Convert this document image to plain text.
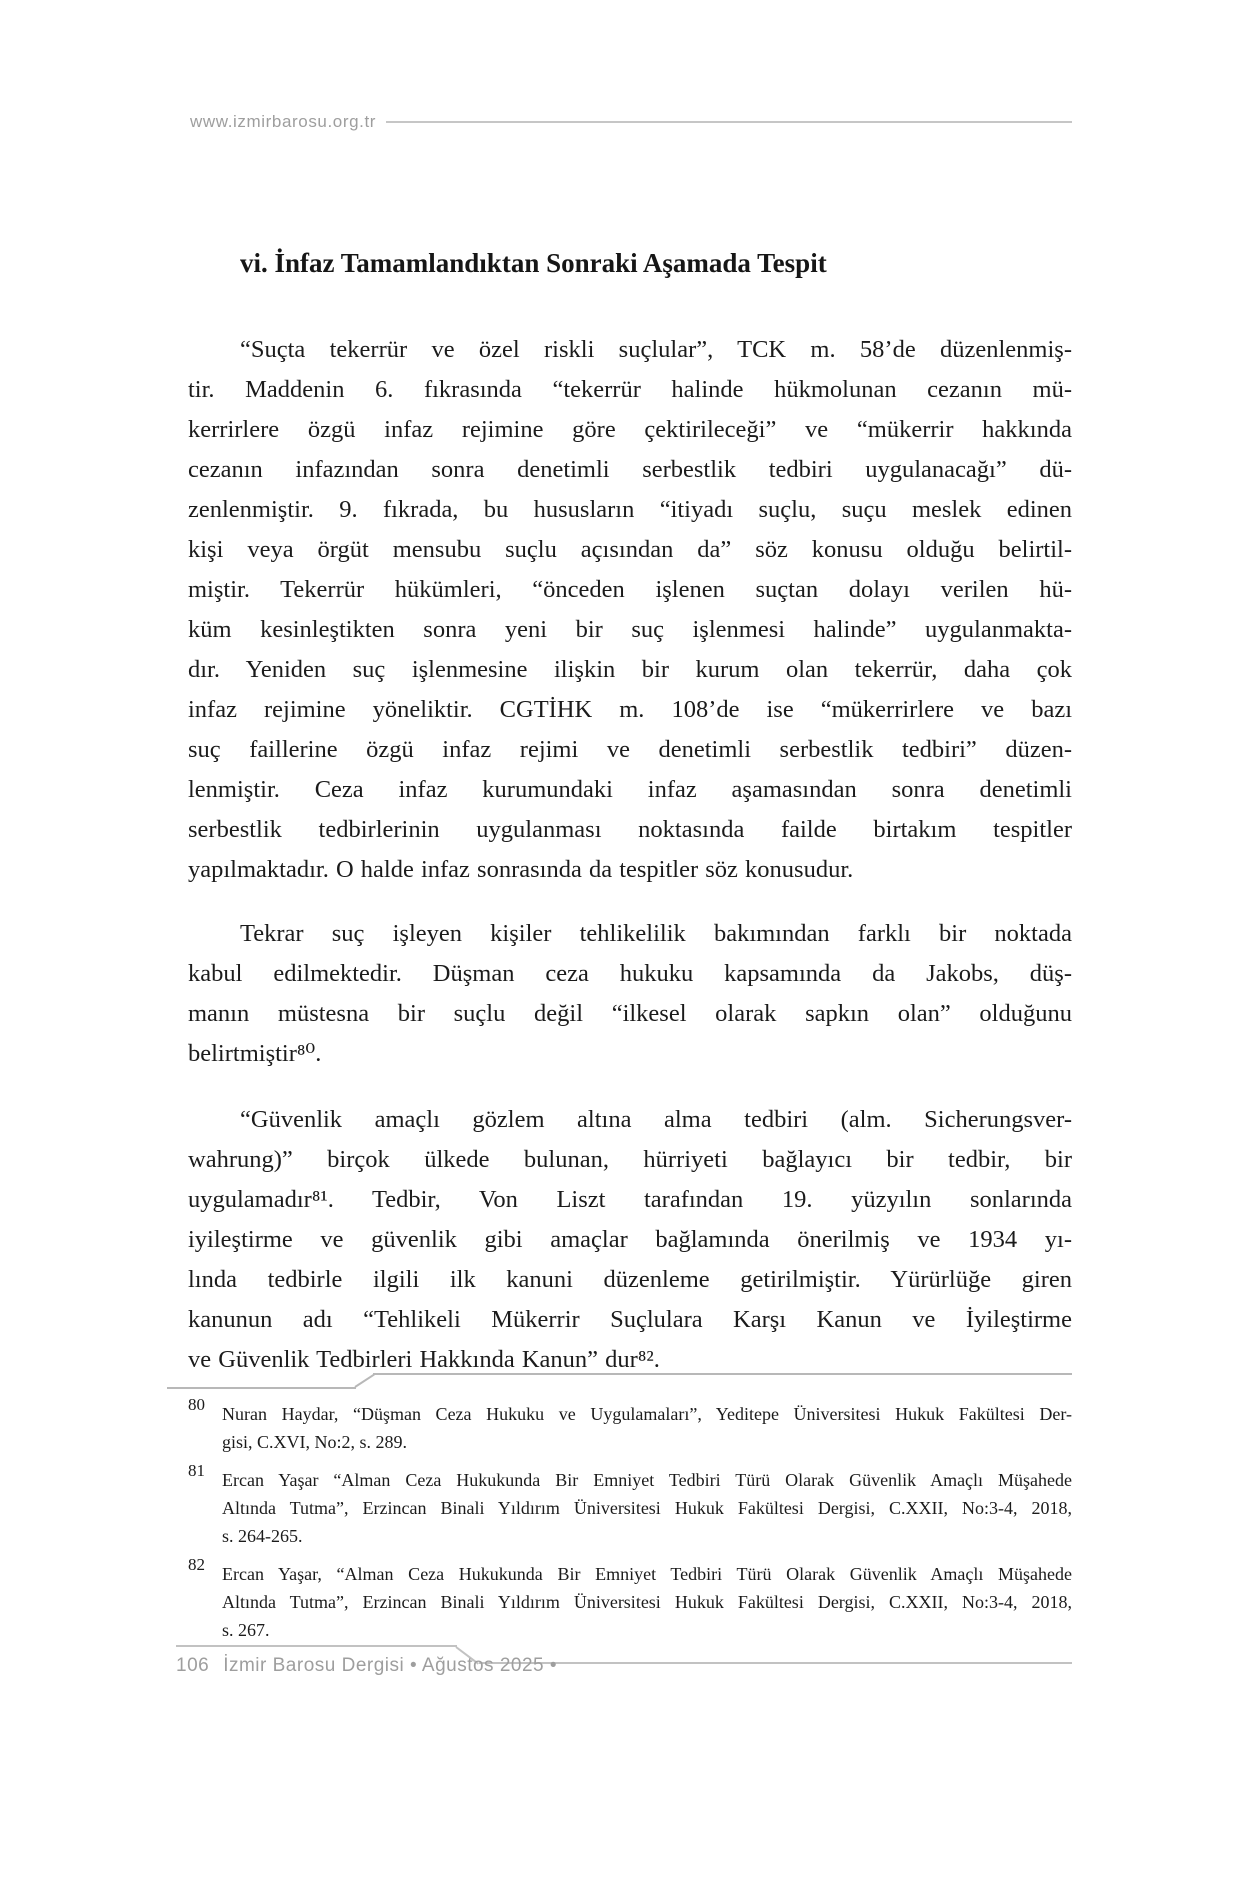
www.izmirbarosu.org.tr
vi. İnfaz Tamamlandıktan Sonraki Aşamada Tespit
“Suçta tekerrür ve özel riskli suçlular”, TCK m. 58’de düzenlenmiş-
tir. Maddenin 6. fıkrasında “tekerrür halinde hükmolunan cezanın mü-
kerrirlere özgü infaz rejimine göre çektirileceği” ve “mükerrir hakkında
cezanın infazından sonra denetimli serbestlik tedbiri uygulanacağı” dü-
zenlenmiştir. 9. fıkrada, bu hususların “itiyadı suçlu, suçu meslek edinen
kişi veya örgüt mensubu suçlu açısından da” söz konusu olduğu belirtil-
miştir. Tekerrür hükümleri, “önceden işlenen suçtan dolayı verilen hü-
küm kesinleştikten sonra yeni bir suç işlenmesi halinde” uygulanmakta-
dır. Yeniden suç işlenmesine ilişkin bir kurum olan tekerrür, daha çok
infaz rejimine yöneliktir. CGTİHK m. 108’de ise “mükerrirlere ve bazı
suç faillerine özgü infaz rejimi ve denetimli serbestlik tedbiri” düzen-
lenmiştir. Ceza infaz kurumundaki infaz aşamasından sonra denetimli
serbestlik tedbirlerinin uygulanması noktasında failde birtakım tespitler
yapılmaktadır. O halde infaz sonrasında da tespitler söz konusudur.
Tekrar suç işleyen kişiler tehlikelilik bakımından farklı bir noktada
kabul edilmektedir. Düşman ceza hukuku kapsamında da Jakobs, düş-
manın müstesna bir suçlu değil “ilkesel olarak sapkın olan” olduğunu
belirtmiştir⁸⁰.
“Güvenlik amaçlı gözlem altına alma tedbiri (alm. Sicherungsver-
wahrung)” birçok ülkede bulunan, hürriyeti bağlayıcı bir tedbir, bir
uygulamadır⁸¹. Tedbir, Von Liszt tarafından 19. yüzyılın sonlarında
iyileştirme ve güvenlik gibi amaçlar bağlamında önerilmiş ve 1934 yı-
lında tedbirle ilgili ilk kanuni düzenleme getirilmiştir. Yürürlüğe giren
kanunun adı “Tehlikeli Mükerrir Suçlulara Karşı Kanun ve İyileştirme
ve Güvenlik Tedbirleri Hakkında Kanun” dur⁸².
80 Nuran Haydar, “Düşman Ceza Hukuku ve Uygulamaları”, Yeditepe Üniversitesi Hukuk Fakültesi Der-
gisi, C.XVI, No:2, s. 289.
81 Ercan Yaşar “Alman Ceza Hukukunda Bir Emniyet Tedbiri Türü Olarak Güvenlik Amaçlı Müşahede
Altında Tutma”, Erzincan Binali Yıldırım Üniversitesi Hukuk Fakültesi Dergisi, C.XXII, No:3-4, 2018,
s. 264-265.
82 Ercan Yaşar, “Alman Ceza Hukukunda Bir Emniyet Tedbiri Türü Olarak Güvenlik Amaçlı Müşahede
Altında Tutma”, Erzincan Binali Yıldırım Üniversitesi Hukuk Fakültesi Dergisi, C.XXII, No:3-4, 2018,
s. 267.
106 İzmir Barosu Dergisi • Ağustos 2025 •
